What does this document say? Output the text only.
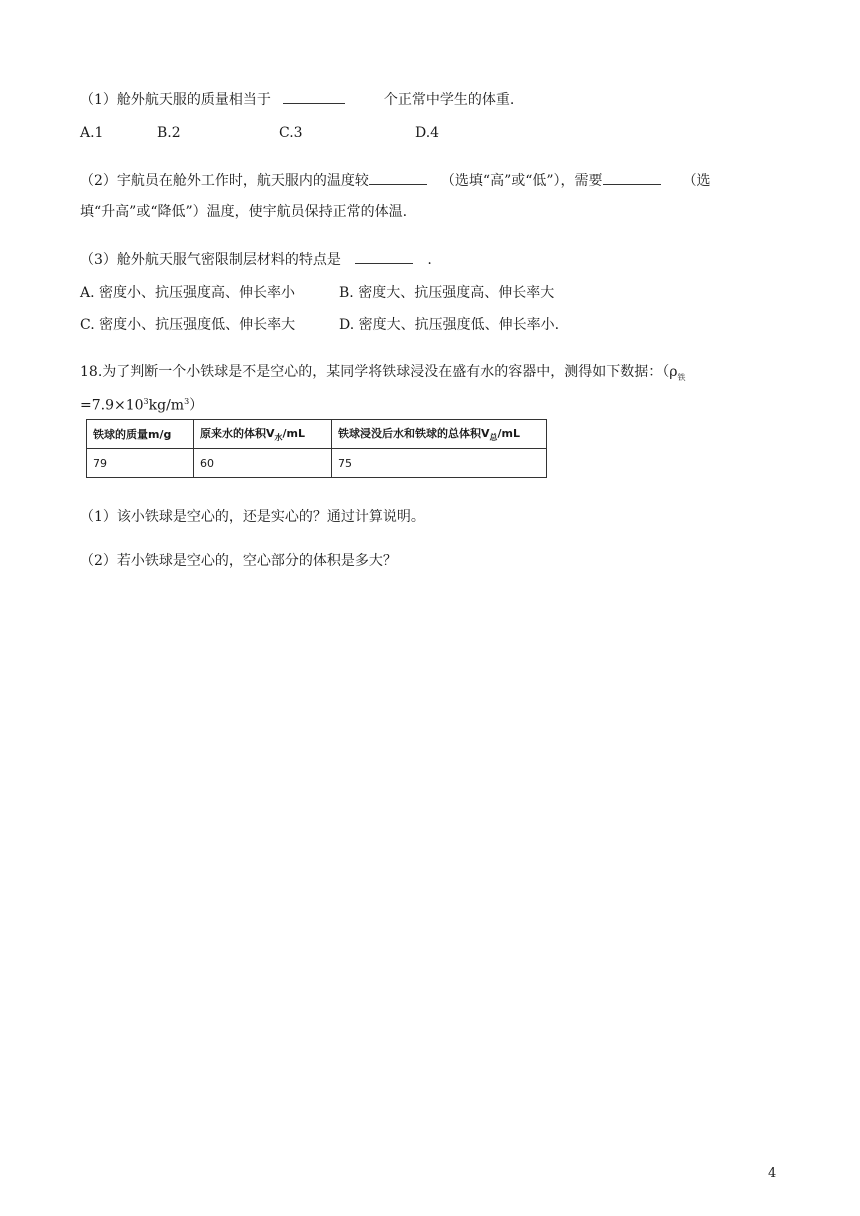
（1）舱外航天服的质量相当于	个正常中学生的体重.
A.1	B.2	C.3	D.4
（2）宇航员在舱外工作时，航天服内的温度较	（选填“高”或“低”），需要	（选
填“升高”或“降低”）温度，使宇航员保持正常的体温.
（3）舱外航天服气密限制层材料的特点是	.
A. 密度小、抗压强度高、伸长率小	B. 密度大、抗压强度高、伸长率大
C. 密度小、抗压强度低、伸长率大	D. 密度大、抗压强度低、伸长率小.
18.为了判断一个小铁球是不是空心的，某同学将铁球浸没在盛有水的容器中，测得如下数据：（$\rho_铁$
$=7.9\times 10^3kg/m^3$）
铁球的质量m/g	原来水的体积$V_水/mL$	铁球浸没后水和铁球的总体积$V_总/mL$
79	60	75
（1）该小铁球是空心的，还是实心的？通过计算说明。
（2）若小铁球是空心的，空心部分的体积是多大？
4
